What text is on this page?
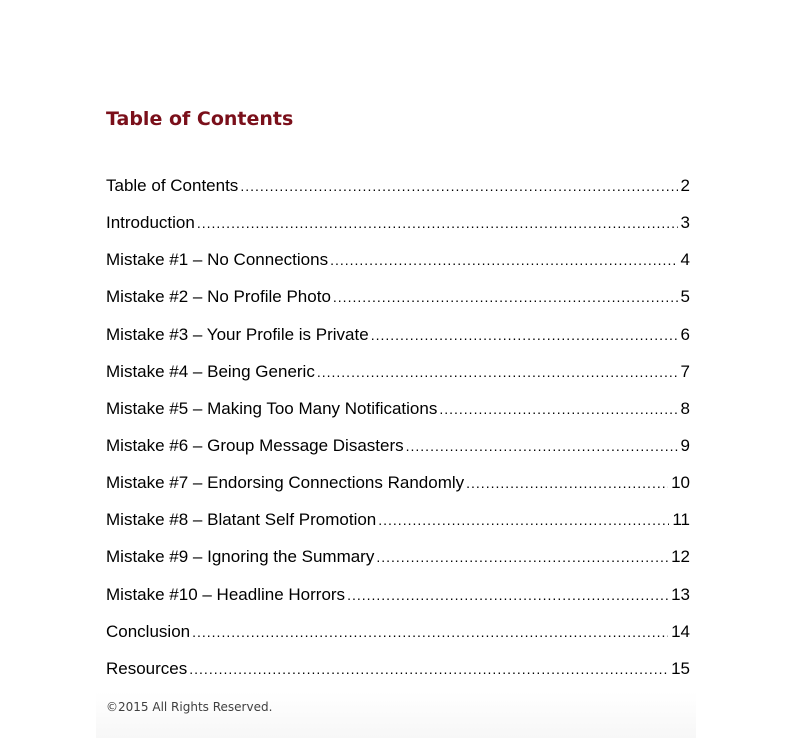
Table of Contents
Table of Contents .....	2
Introduction .....	3
Mistake #1 – No Connections .....	4
Mistake #2 – No Profile Photo .....	5
Mistake #3 – Your Profile is Private .....	6
Mistake #4 – Being Generic .....	7
Mistake #5 – Making Too Many Notifications .....	8
Mistake #6 – Group Message Disasters .....	9
Mistake #7 – Endorsing Connections Randomly .....	10
Mistake #8 – Blatant Self Promotion .....	11
Mistake #9 – Ignoring the Summary .....	12
Mistake #10 – Headline Horrors .....	13
Conclusion .....	14
Resources .....	15
©2015 All Rights Reserved.
